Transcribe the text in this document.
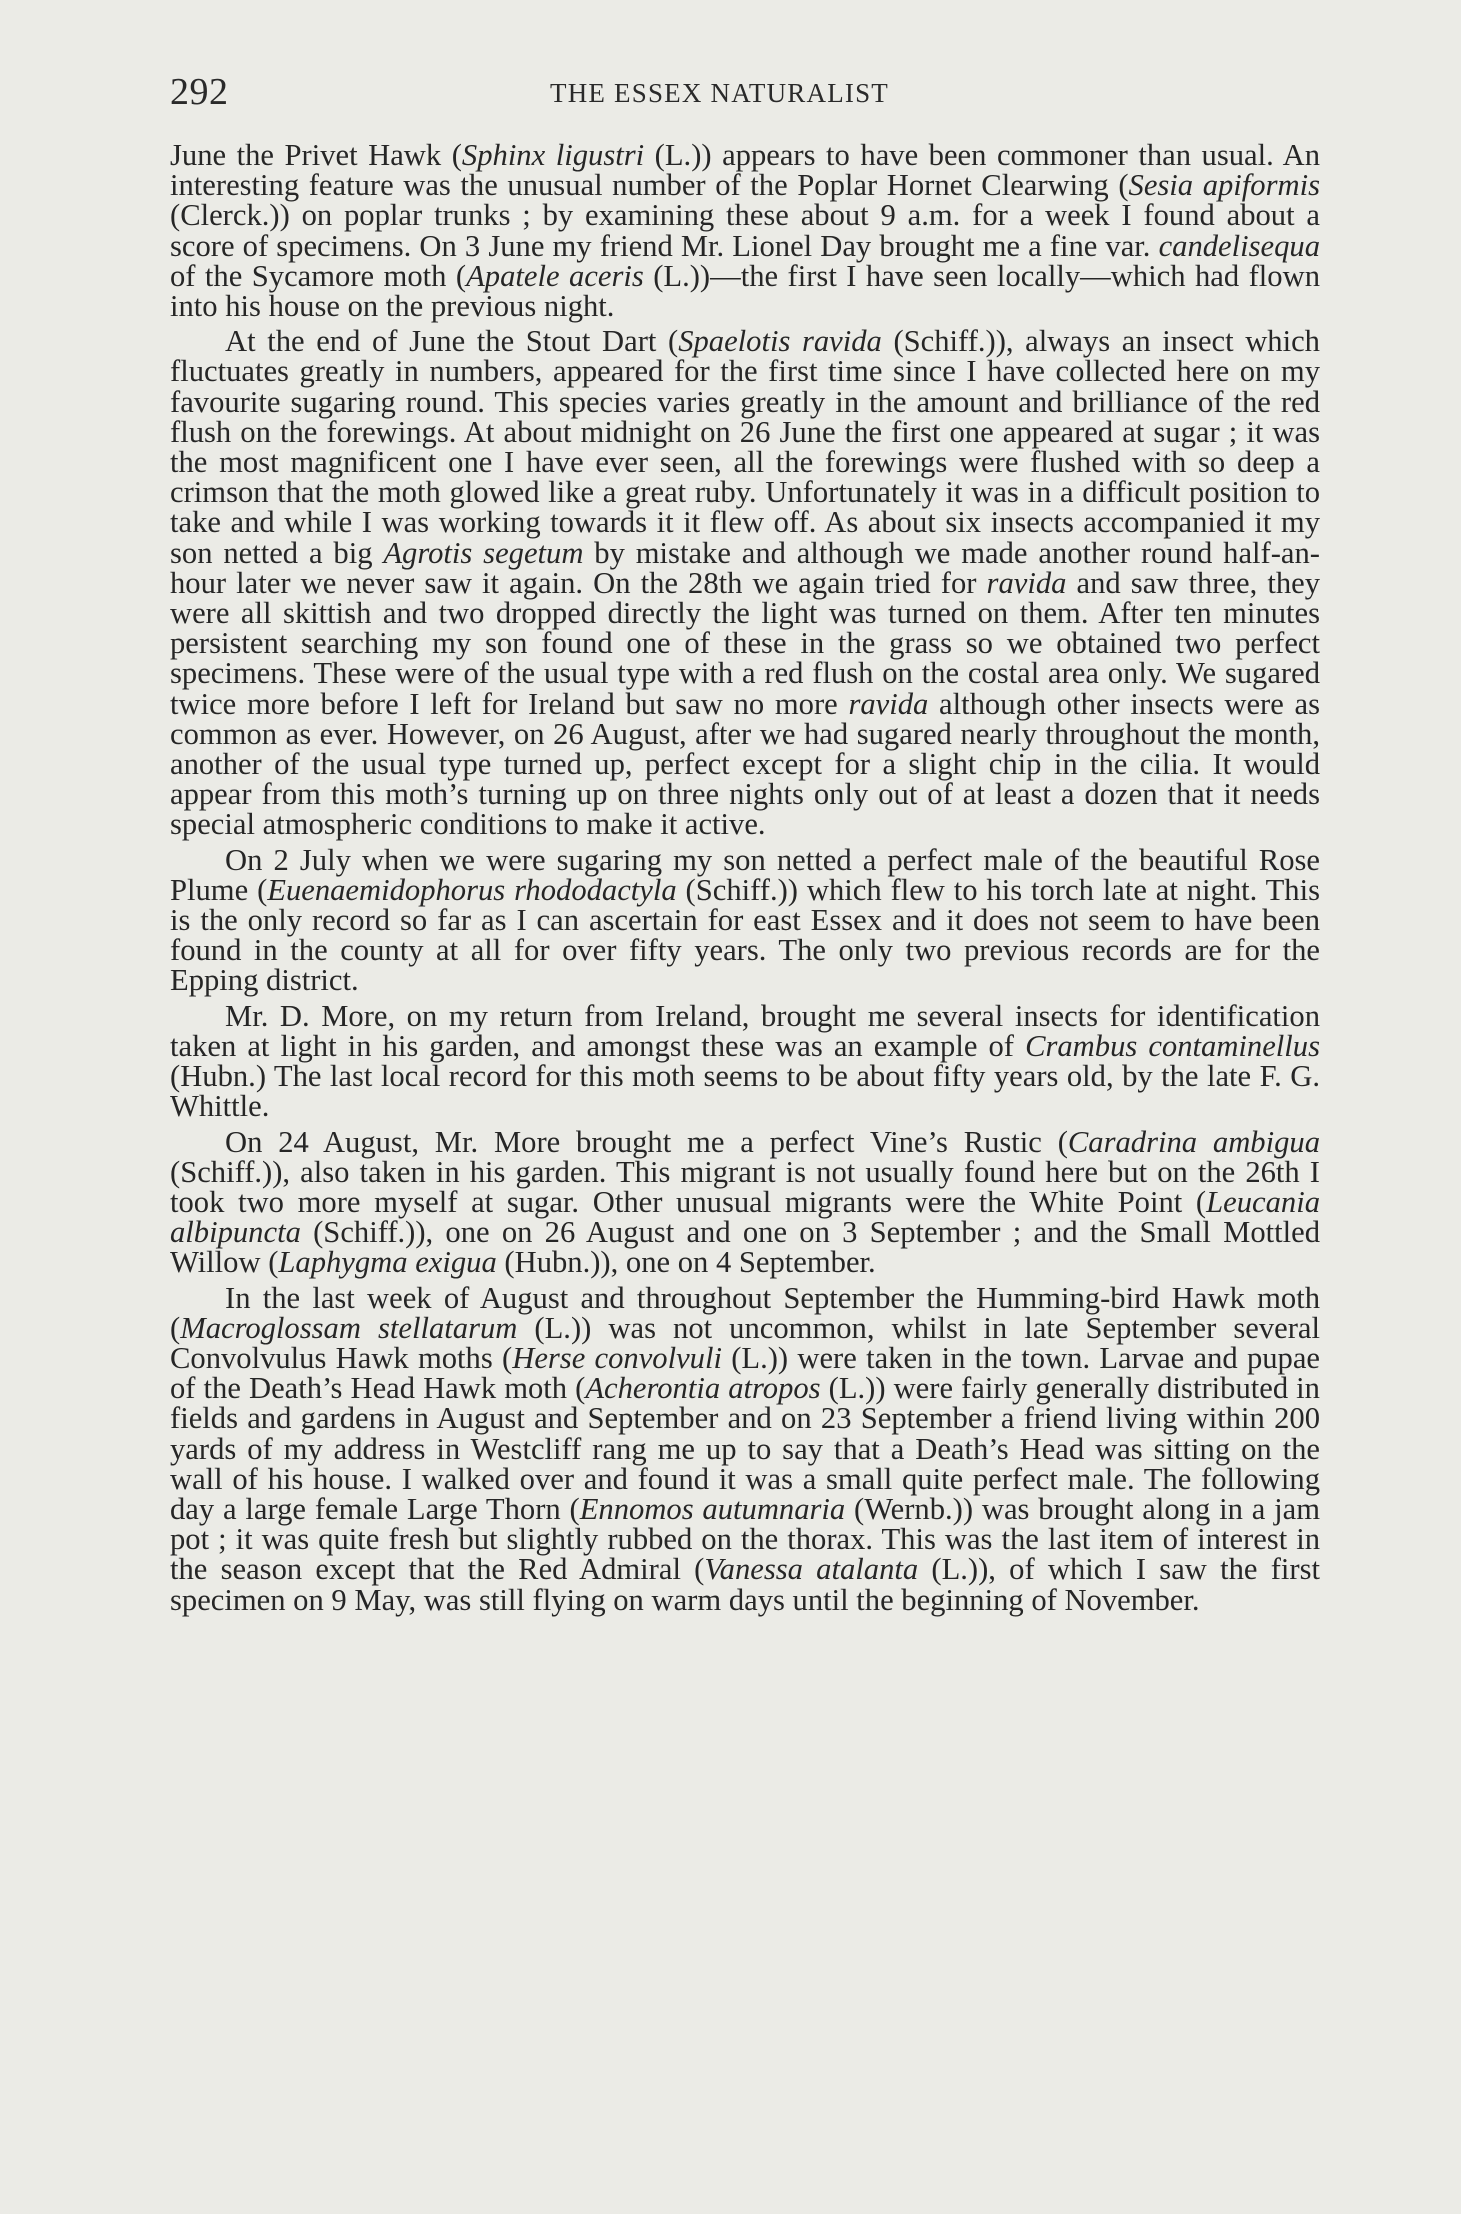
292	THE ESSEX NATURALIST

June the Privet Hawk (Sphinx ligustri (L.)) appears to have been commoner than usual. An interesting feature was the unusual number of the Poplar Hornet Clearwing (Sesia apiformis (Clerck.)) on poplar trunks ; by examining these about 9 a.m. for a week I found about a score of specimens. On 3 June my friend Mr. Lionel Day brought me a fine var. candelisequa of the Sycamore moth (Apatele aceris (L.))—the first I have seen locally—which had flown into his house on the previous night.

At the end of June the Stout Dart (Spaelotis ravida (Schiff.)), always an insect which fluctuates greatly in numbers, appeared for the first time since I have collected here on my favourite sugaring round. This species varies greatly in the amount and brilliance of the red flush on the forewings. At about midnight on 26 June the first one appeared at sugar ; it was the most magnificent one I have ever seen, all the forewings were flushed with so deep a crimson that the moth glowed like a great ruby. Unfortunately it was in a difficult position to take and while I was working towards it it flew off. As about six insects accompanied it my son netted a big Agrotis segetum by mistake and although we made another round half-an-hour later we never saw it again. On the 28th we again tried for ravida and saw three, they were all skittish and two dropped directly the light was turned on them. After ten minutes persistent searching my son found one of these in the grass so we obtained two perfect specimens. These were of the usual type with a red flush on the costal area only. We sugared twice more before I left for Ireland but saw no more ravida although other insects were as common as ever. However, on 26 August, after we had sugared nearly throughout the month, another of the usual type turned up, perfect except for a slight chip in the cilia. It would appear from this moth’s turning up on three nights only out of at least a dozen that it needs special atmospheric conditions to make it active.

On 2 July when we were sugaring my son netted a perfect male of the beautiful Rose Plume (Euenaemidophorus rhododactyla (Schiff.)) which flew to his torch late at night. This is the only record so far as I can ascertain for east Essex and it does not seem to have been found in the county at all for over fifty years. The only two previous records are for the Epping district.

Mr. D. More, on my return from Ireland, brought me several insects for identification taken at light in his garden, and amongst these was an example of Crambus contaminellus (Hubn.) The last local record for this moth seems to be about fifty years old, by the late F. G. Whittle.

On 24 August, Mr. More brought me a perfect Vine’s Rustic (Caradrina ambigua (Schiff.)), also taken in his garden. This migrant is not usually found here but on the 26th I took two more myself at sugar. Other unusual migrants were the White Point (Leucania albipuncta (Schiff.)), one on 26 August and one on 3 September ; and the Small Mottled Willow (Laphygma exigua (Hubn.)), one on 4 September.

In the last week of August and throughout September the Humming-bird Hawk moth (Macroglossam stellatarum (L.)) was not uncommon, whilst in late September several Convolvulus Hawk moths (Herse convolvuli (L.)) were taken in the town. Larvae and pupae of the Death’s Head Hawk moth (Acherontia atropos (L.)) were fairly generally distributed in fields and gardens in August and September and on 23 September a friend living within 200 yards of my address in Westcliff rang me up to say that a Death’s Head was sitting on the wall of his house. I walked over and found it was a small quite perfect male. The following day a large female Large Thorn (Ennomos autumnaria (Wernb.)) was brought along in a jam pot ; it was quite fresh but slightly rubbed on the thorax. This was the last item of interest in the season except that the Red Admiral (Vanessa atalanta (L.)), of which I saw the first specimen on 9 May, was still flying on warm days until the beginning of November.
